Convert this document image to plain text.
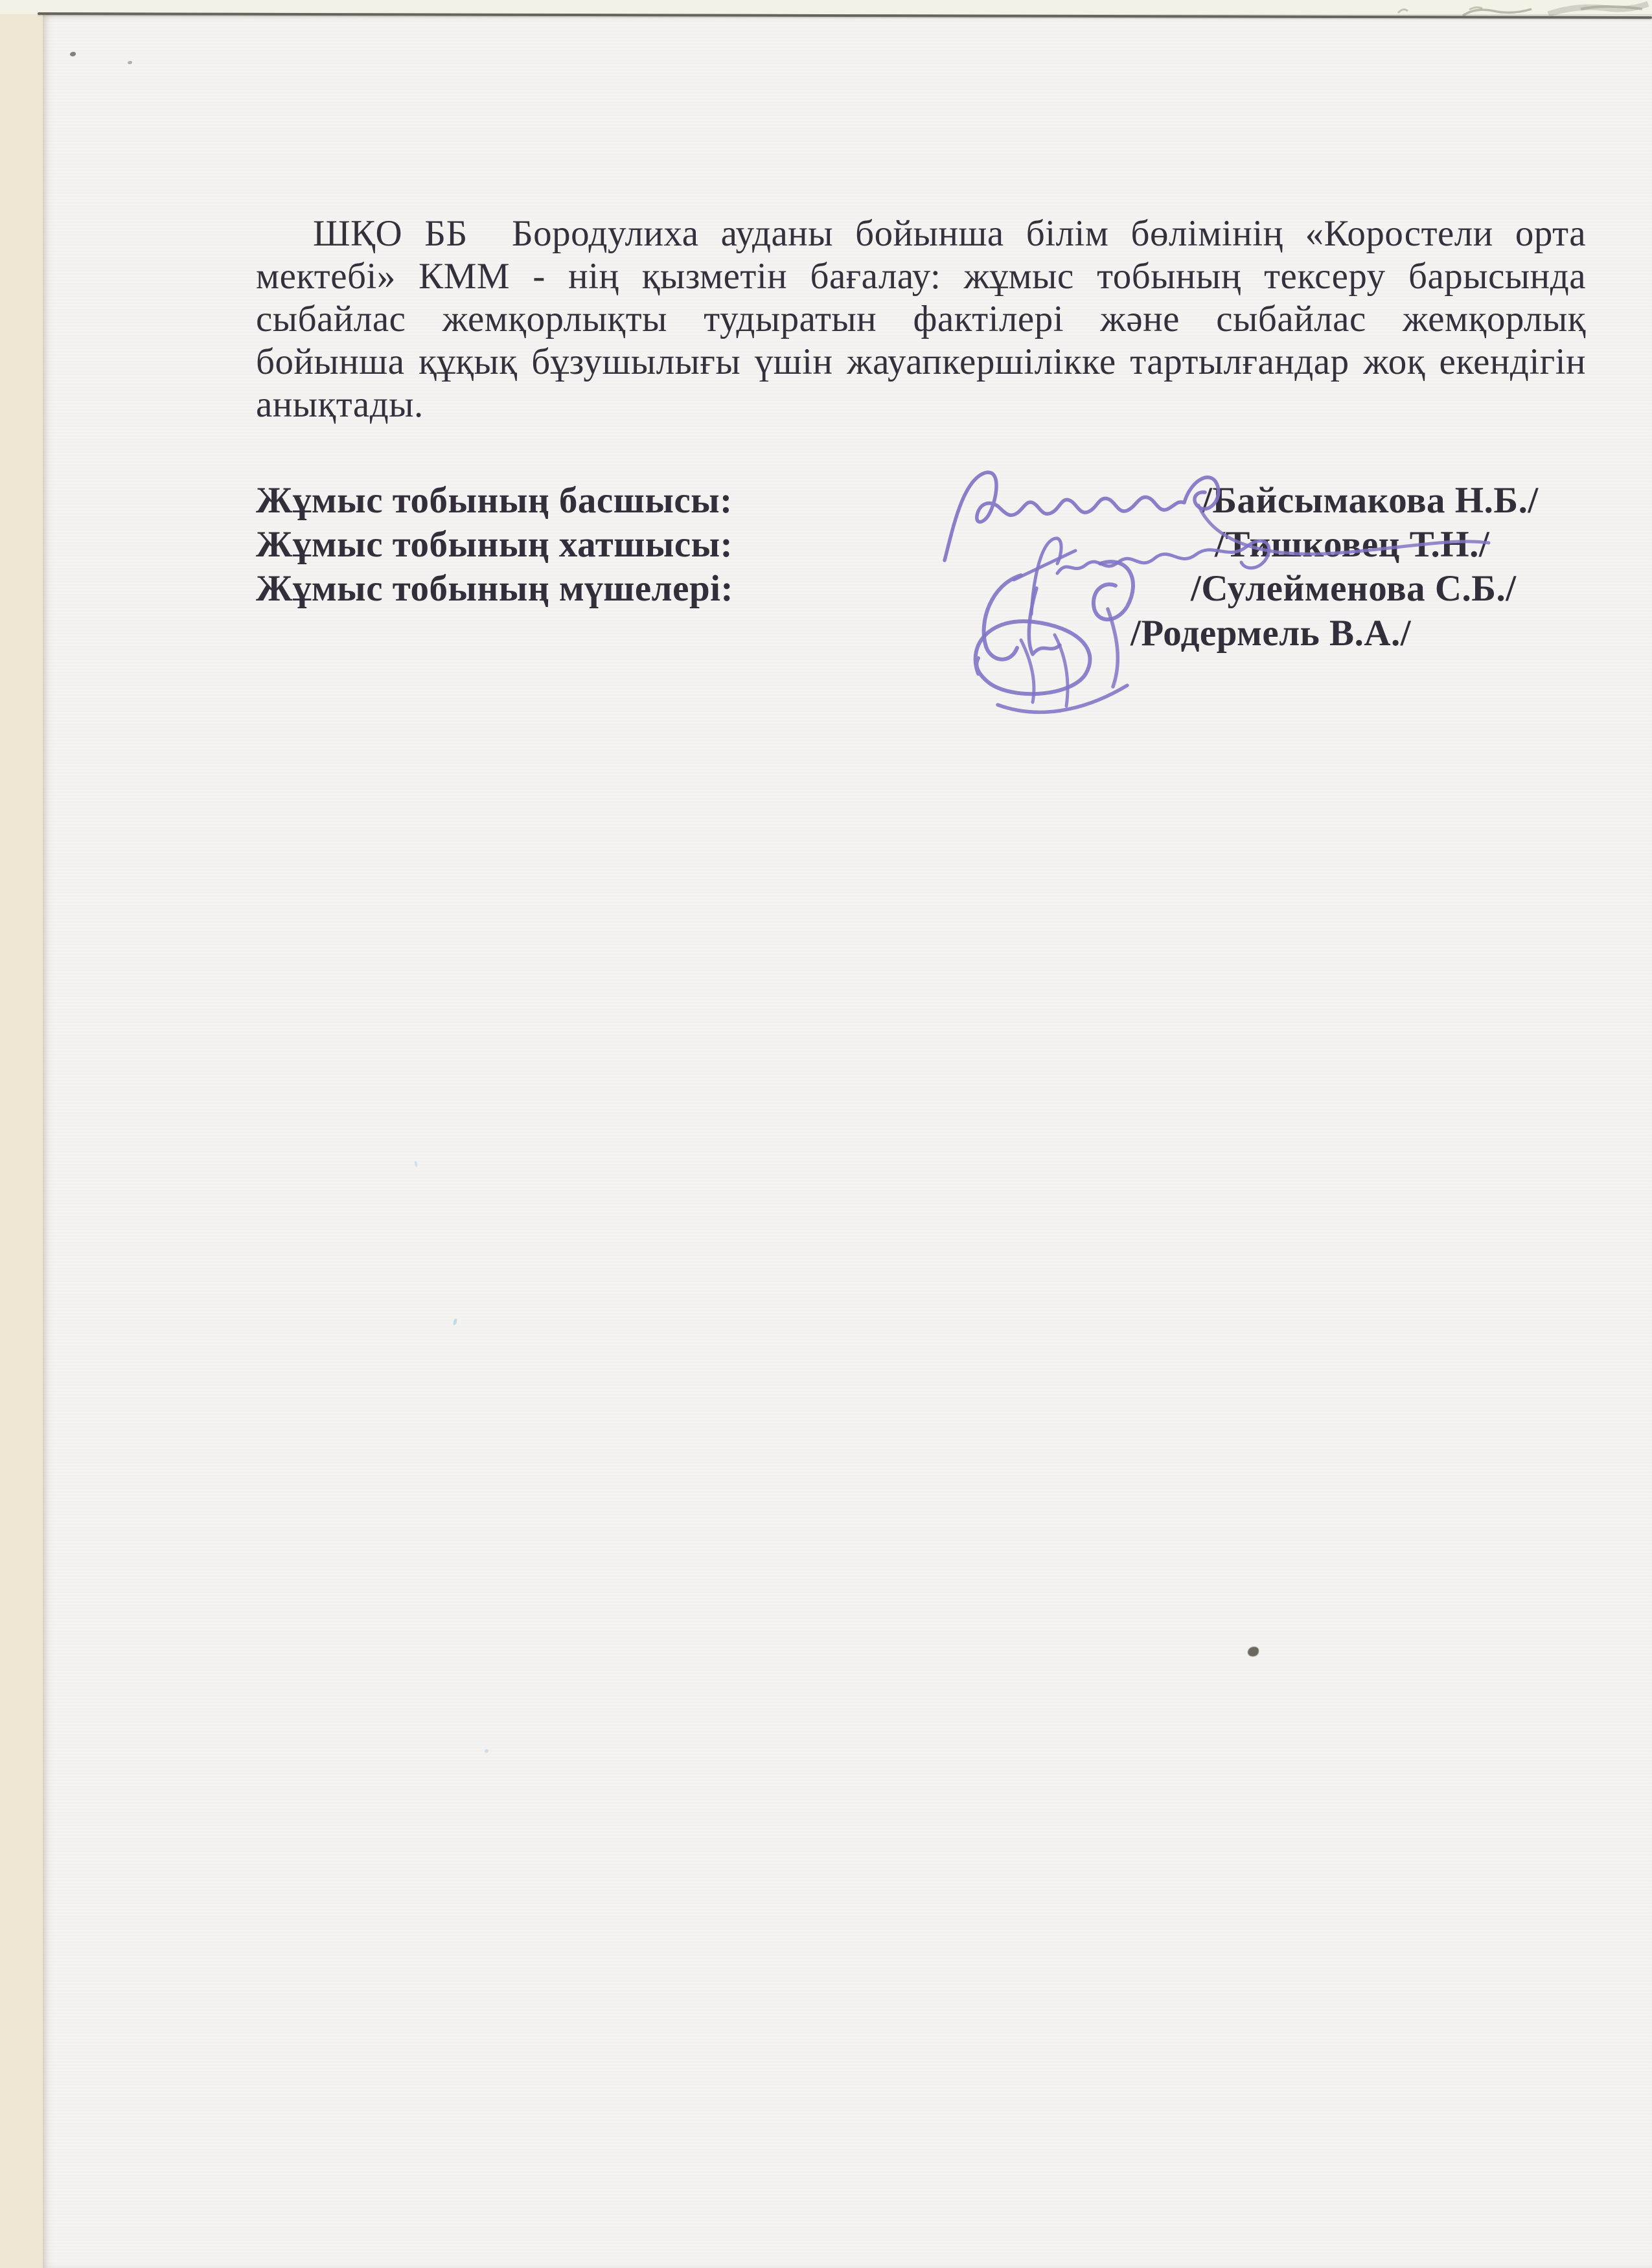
ШҚО ББ  Бородулиха ауданы бойынша білім бөлімінің «Коростели орта
мектебі» КММ - нің қызметін бағалау: жұмыс тобының тексеру барысында
сыбайлас жемқорлықты тудыратын фактілері және сыбайлас жемқорлық
бойынша құқық бұзушылығы үшін жауапкершілікке тартылғандар жоқ екендігін
анықтады.
Жұмыс тобының басшысы:
Жұмыс тобының хатшысы:
Жұмыс тобының мүшелері:
/Байсымакова Н.Б./
/Тишковец Т.Н./
/Сулейменова С.Б./
/Родермель В.А./
